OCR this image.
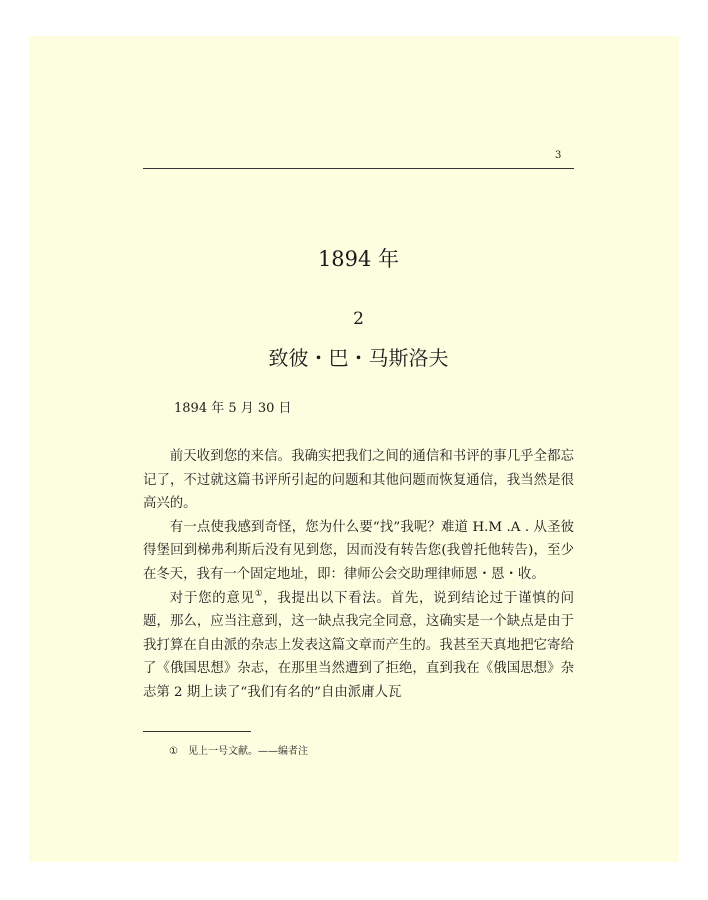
3
1894 年
2
致彼・巴・马斯洛夫
1894 年 5 月 30 日

前天收到您的来信。我确实把我们之间的通信和书评的事几乎全都忘记了，不过就这篇书评所引起的问题和其他问题而恢复通信，我当然是很高兴的。

有一点使我感到奇怪，您为什么要“找”我呢？难道 H.M .A . 从圣彼得堡回到梯弗利斯后没有见到您，因而没有转告您(我曾托他转告)，至少在冬天，我有一个固定地址，即：律师公会交助理律师恩・恩・收。

对于您的意见①，我提出以下看法。首先，说到结论过于谨慎的问题，那么，应当注意到，这一缺点我完全同意，这确实是一个缺点是由于我打算在自由派的杂志上发表这篇文章而产生的。我甚至天真地把它寄给了《俄国思想》杂志，在那里当然遭到了拒绝，直到我在《俄国思想》杂志第 2 期上读了“我们有名的”自由派庸人瓦

① 见上一号文献。——编者注
